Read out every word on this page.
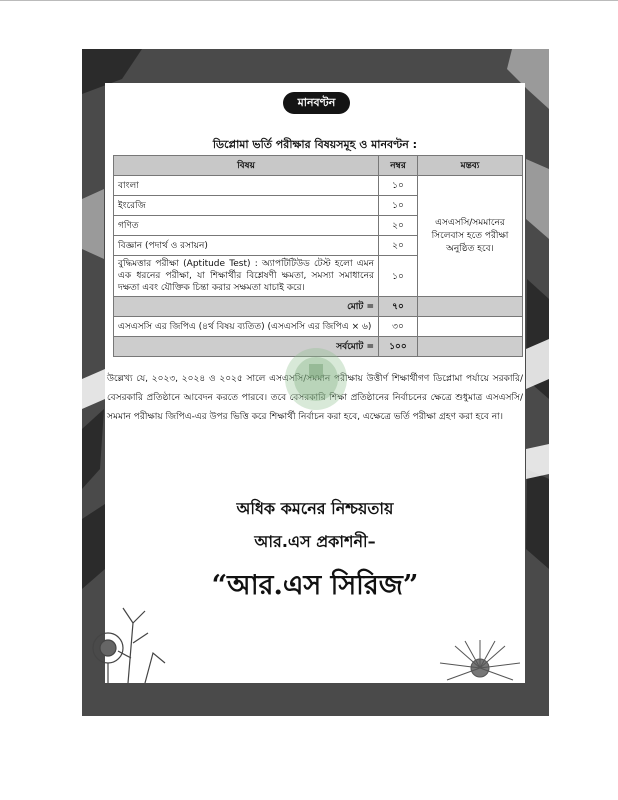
মানবণ্টন
ডিপ্লোমা ভর্তি পরীক্ষার বিষয়সমূহ ও মানবণ্টন :
বিষয়	নম্বর	মন্তব্য
বাংলা	১০	এসএসসি/সমমানের সিলেবাস হতে পরীক্ষা অনুষ্ঠিত হবে।
ইংরেজি	১০	
গণিত	২০	
বিজ্ঞান (পদার্থ ও রসায়ন)	২০	
বুদ্ধিমত্তার পরীক্ষা (Aptitude Test) : অ্যাপটিটিউড টেস্ট হলো এমন এক ধরনের পরীক্ষা, যা শিক্ষার্থীর বিশ্লেষণী ক্ষমতা, সমস্যা সমাধানের দক্ষতা এবং যৌক্তিক চিন্তা করার সক্ষমতা যাচাই করে।	১০	
মোট =	৭০	
এসএসসি এর জিপিএ (৪র্থ বিষয় ব্যতিত) (এসএসসি এর জিপিএ × ৬)	৩০	
সর্বমোট =	১০০	
উল্লেখ্য যে, ২০২৩, ২০২৪ ও ২০২৫ সালে এসএসসি/সমমান পরীক্ষায় উত্তীর্ণ শিক্ষার্থীগণ ডিপ্লোমা পর্যায়ে সরকারি/বেসরকারি প্রতিষ্ঠানে আবেদন করতে পারবে। তবে বেসরকারি শিক্ষা প্রতিষ্ঠানের নির্বাচনের ক্ষেত্রে শুধুমাত্র এসএসসি/সমমান পরীক্ষায় জিপিএ-এর উপর ভিত্তি করে শিক্ষার্থী নির্বাচন করা হবে, এক্ষেত্রে ভর্তি পরীক্ষা গ্রহণ করা হবে না।
অধিক কমনের নিশ্চয়তায়
আর.এস প্রকাশনী–
“আর.এস সিরিজ”
